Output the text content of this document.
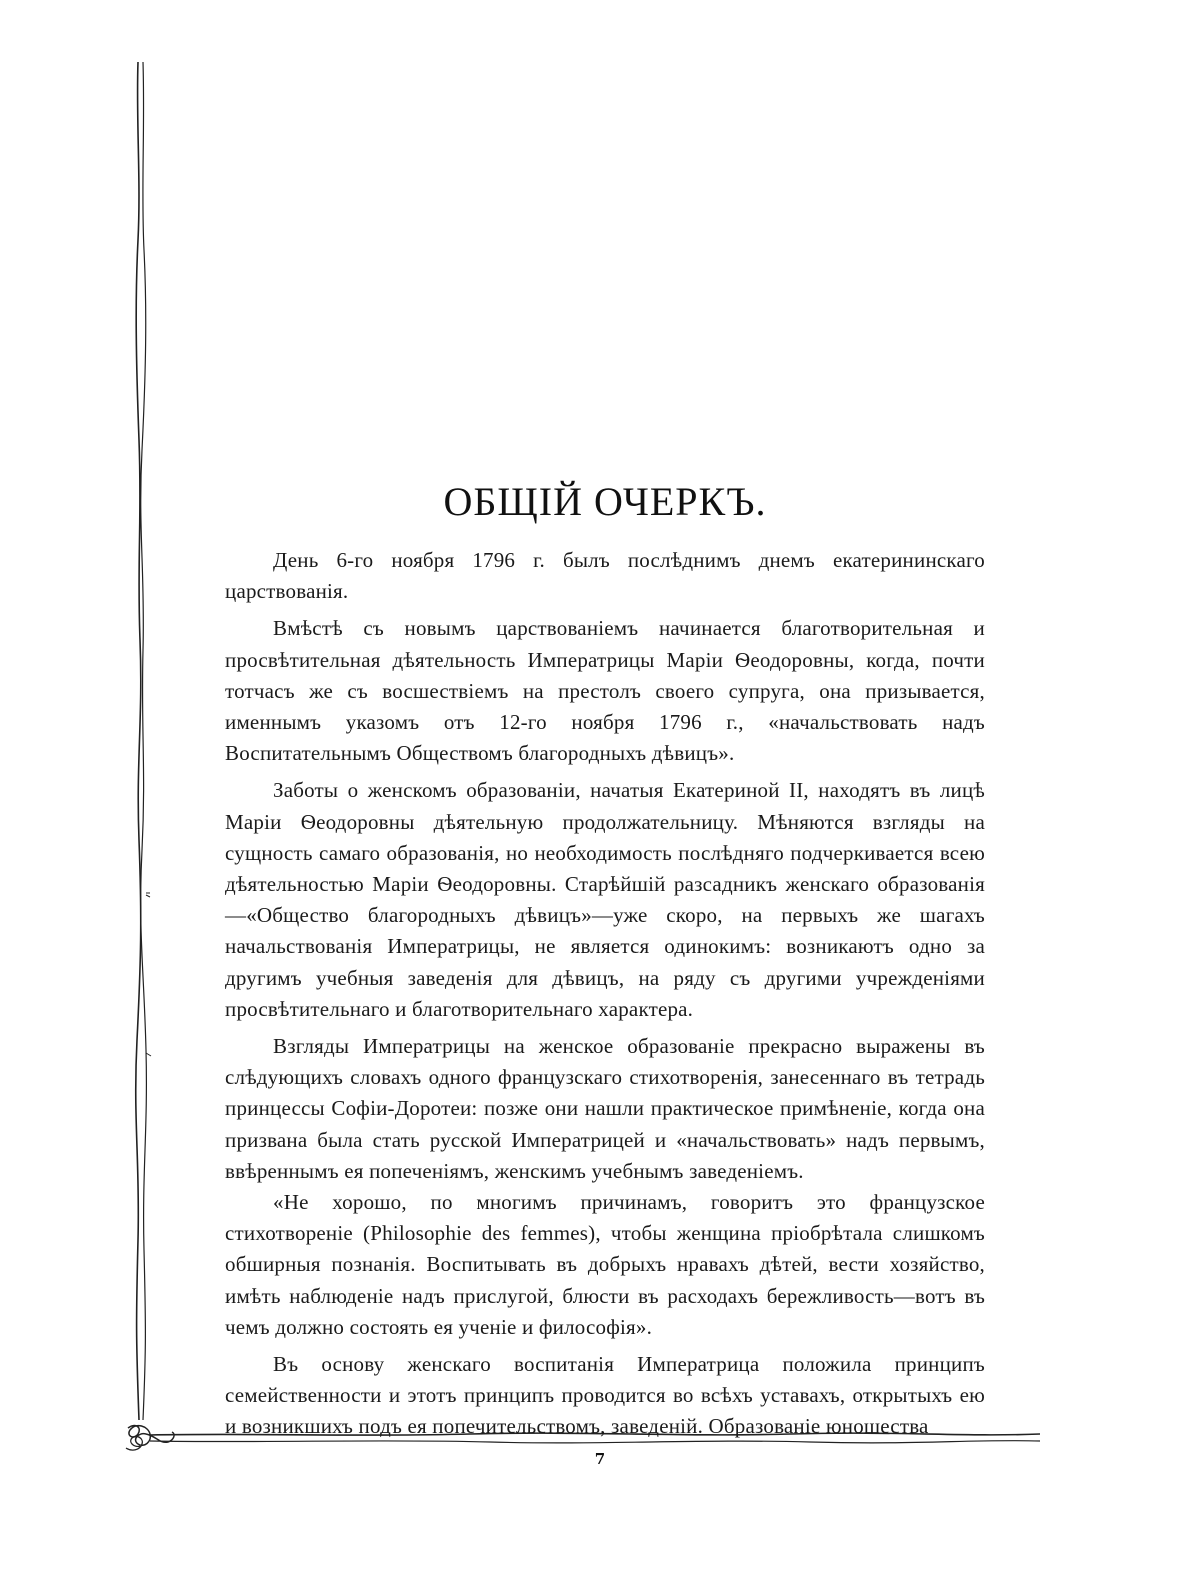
ОБЩІЙ ОЧЕРКЪ.

День 6-го ноября 1796 г. былъ послѣднимъ днемъ екатерининскаго царствованія.

Вмѣстѣ съ новымъ царствованіемъ начинается благотворительная и просвѣтительная дѣятельность Императрицы Маріи Ѳеодоровны, когда, почти тотчасъ же съ восшествіемъ на престолъ своего супруга, она призывается, именнымъ указомъ отъ 12-го ноября 1796 г., «начальствовать надъ Воспитательнымъ Обществомъ благородныхъ дѣвицъ».

Заботы о женскомъ образованіи, начатыя Екатериной II, находятъ въ лицѣ Маріи Ѳеодоровны дѣятельную продолжательницу. Мѣняются взгляды на сущность самаго образованія, но необходимость послѣдняго подчеркивается всею дѣятельностью Маріи Ѳеодоровны. Старѣйшій разсадникъ женскаго образованія—«Общество благородныхъ дѣвицъ»—уже скоро, на первыхъ же шагахъ начальствованія Императрицы, не является одинокимъ: возникаютъ одно за другимъ учебныя заведенія для дѣвицъ, на ряду съ другими учрежденіями просвѣтительнаго и благотворительнаго характера.

Взгляды Императрицы на женское образованіе прекрасно выражены въ слѣдующихъ словахъ одного французскаго стихотворенія, занесеннаго въ тетрадь принцессы Софіи-Доротеи: позже они нашли практическое примѣненіе, когда она призвана была стать русской Императрицей и «начальствовать» надъ первымъ, ввѣреннымъ ея попеченіямъ, женскимъ учебнымъ заведеніемъ.

«Не хорошо, по многимъ причинамъ, говоритъ это французское стихотвореніе (Philosophie des femmes), чтобы женщина пріобрѣтала слишкомъ обширныя познанія. Воспитывать въ добрыхъ нравахъ дѣтей, вести хозяйство, имѣть наблюденіе надъ прислугой, блюсти въ расходахъ бережливость—вотъ въ чемъ должно состоять ея ученіе и философія».

Въ основу женскаго воспитанія Императрица положила принципъ семейственности и этотъ принципъ проводится во всѣхъ уставахъ, открытыхъ ею и возникшихъ подъ ея попечительствомъ, заведеній. Образованіе юношества

7
